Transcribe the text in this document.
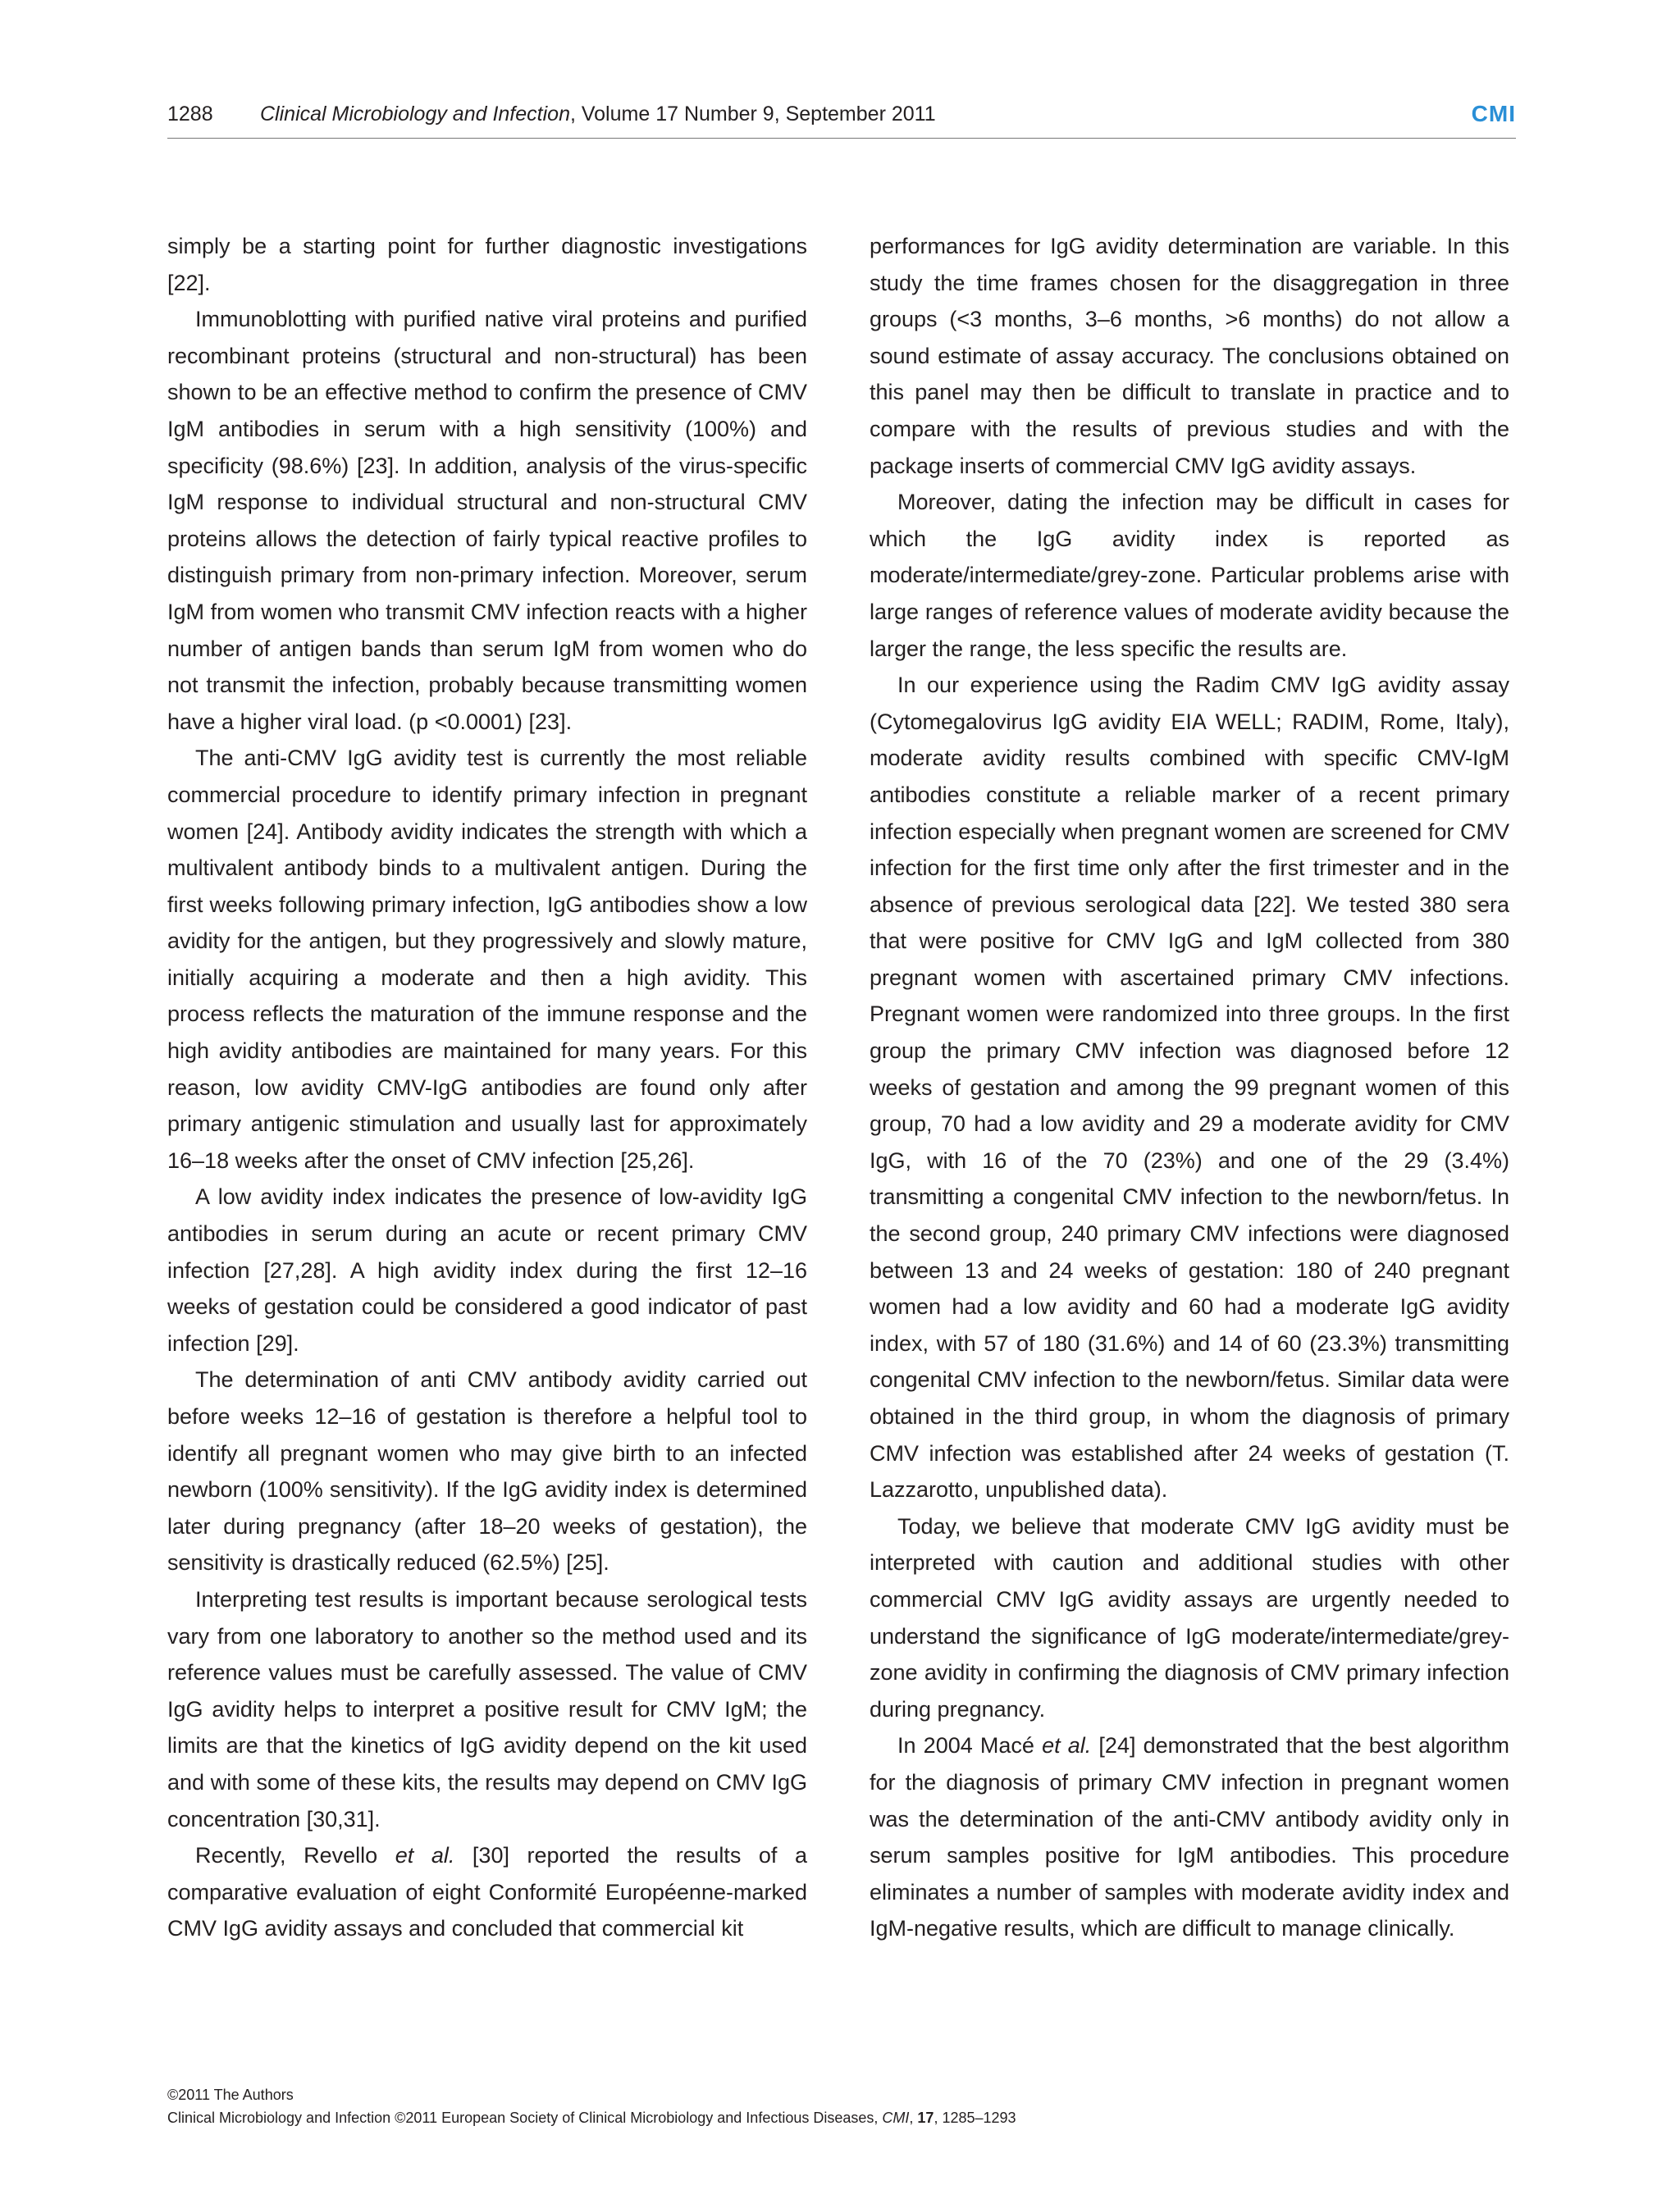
1288 Clinical Microbiology and Infection, Volume 17 Number 9, September 2011	CMI

simply be a starting point for further diagnostic investigations [22].

Immunoblotting with purified native viral proteins and purified recombinant proteins (structural and non-structural) has been shown to be an effective method to confirm the presence of CMV IgM antibodies in serum with a high sensitivity (100%) and specificity (98.6%) [23]. In addition, analysis of the virus-specific IgM response to individual structural and non-structural CMV proteins allows the detection of fairly typical reactive profiles to distinguish primary from non-primary infection. Moreover, serum IgM from women who transmit CMV infection reacts with a higher number of antigen bands than serum IgM from women who do not transmit the infection, probably because transmitting women have a higher viral load. (p <0.0001) [23].

The anti-CMV IgG avidity test is currently the most reliable commercial procedure to identify primary infection in pregnant women [24]. Antibody avidity indicates the strength with which a multivalent antibody binds to a multivalent antigen. During the first weeks following primary infection, IgG antibodies show a low avidity for the antigen, but they progressively and slowly mature, initially acquiring a moderate and then a high avidity. This process reflects the maturation of the immune response and the high avidity antibodies are maintained for many years. For this reason, low avidity CMV-IgG antibodies are found only after primary antigenic stimulation and usually last for approximately 16–18 weeks after the onset of CMV infection [25,26].

A low avidity index indicates the presence of low-avidity IgG antibodies in serum during an acute or recent primary CMV infection [27,28]. A high avidity index during the first 12–16 weeks of gestation could be considered a good indicator of past infection [29].

The determination of anti CMV antibody avidity carried out before weeks 12–16 of gestation is therefore a helpful tool to identify all pregnant women who may give birth to an infected newborn (100% sensitivity). If the IgG avidity index is determined later during pregnancy (after 18–20 weeks of gestation), the sensitivity is drastically reduced (62.5%) [25].

Interpreting test results is important because serological tests vary from one laboratory to another so the method used and its reference values must be carefully assessed. The value of CMV IgG avidity helps to interpret a positive result for CMV IgM; the limits are that the kinetics of IgG avidity depend on the kit used and with some of these kits, the results may depend on CMV IgG concentration [30,31].

Recently, Revello et al. [30] reported the results of a comparative evaluation of eight Conformité Européenne-marked CMV IgG avidity assays and concluded that commercial kit

performances for IgG avidity determination are variable. In this study the time frames chosen for the disaggregation in three groups (<3 months, 3–6 months, >6 months) do not allow a sound estimate of assay accuracy. The conclusions obtained on this panel may then be difficult to translate in practice and to compare with the results of previous studies and with the package inserts of commercial CMV IgG avidity assays.

Moreover, dating the infection may be difficult in cases for which the IgG avidity index is reported as moderate/intermediate/grey-zone. Particular problems arise with large ranges of reference values of moderate avidity because the larger the range, the less specific the results are.

In our experience using the Radim CMV IgG avidity assay (Cytomegalovirus IgG avidity EIA WELL; RADIM, Rome, Italy), moderate avidity results combined with specific CMV-IgM antibodies constitute a reliable marker of a recent primary infection especially when pregnant women are screened for CMV infection for the first time only after the first trimester and in the absence of previous serological data [22]. We tested 380 sera that were positive for CMV IgG and IgM collected from 380 pregnant women with ascertained primary CMV infections. Pregnant women were randomized into three groups. In the first group the primary CMV infection was diagnosed before 12 weeks of gestation and among the 99 pregnant women of this group, 70 had a low avidity and 29 a moderate avidity for CMV IgG, with 16 of the 70 (23%) and one of the 29 (3.4%) transmitting a congenital CMV infection to the newborn/fetus. In the second group, 240 primary CMV infections were diagnosed between 13 and 24 weeks of gestation: 180 of 240 pregnant women had a low avidity and 60 had a moderate IgG avidity index, with 57 of 180 (31.6%) and 14 of 60 (23.3%) transmitting congenital CMV infection to the newborn/fetus. Similar data were obtained in the third group, in whom the diagnosis of primary CMV infection was established after 24 weeks of gestation (T. Lazzarotto, unpublished data).

Today, we believe that moderate CMV IgG avidity must be interpreted with caution and additional studies with other commercial CMV IgG avidity assays are urgently needed to understand the significance of IgG moderate/intermediate/grey-zone avidity in confirming the diagnosis of CMV primary infection during pregnancy.

In 2004 Macé et al. [24] demonstrated that the best algorithm for the diagnosis of primary CMV infection in pregnant women was the determination of the anti-CMV antibody avidity only in serum samples positive for IgM antibodies. This procedure eliminates a number of samples with moderate avidity index and IgM-negative results, which are difficult to manage clinically.

©2011 The Authors
Clinical Microbiology and Infection ©2011 European Society of Clinical Microbiology and Infectious Diseases, CMI, 17, 1285–1293
